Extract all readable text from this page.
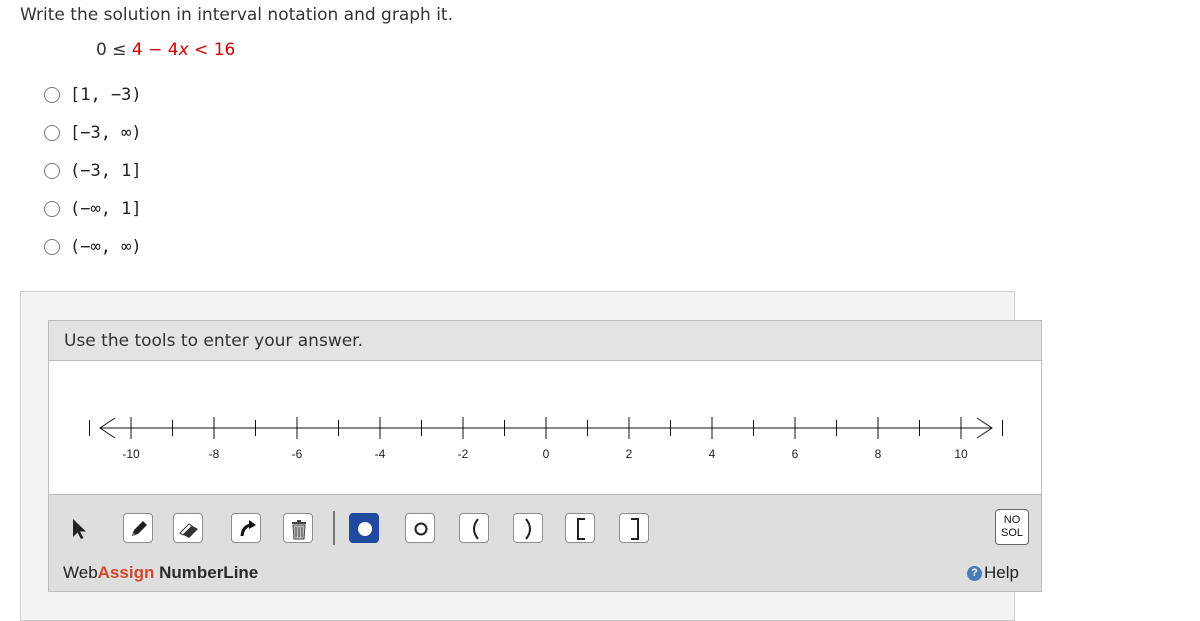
Write the solution in interval notation and graph it.
0 ≤ 4 − 4x < 16
[1, −3)
[−3, ∞)
(−3, 1]
(−∞, 1]
(−∞, ∞)
Use the tools to enter your answer.
-10	-8	-6	-4	-2	0	2	4	6	8	10
NO
SOL
WebAssign NumberLine	? Help
